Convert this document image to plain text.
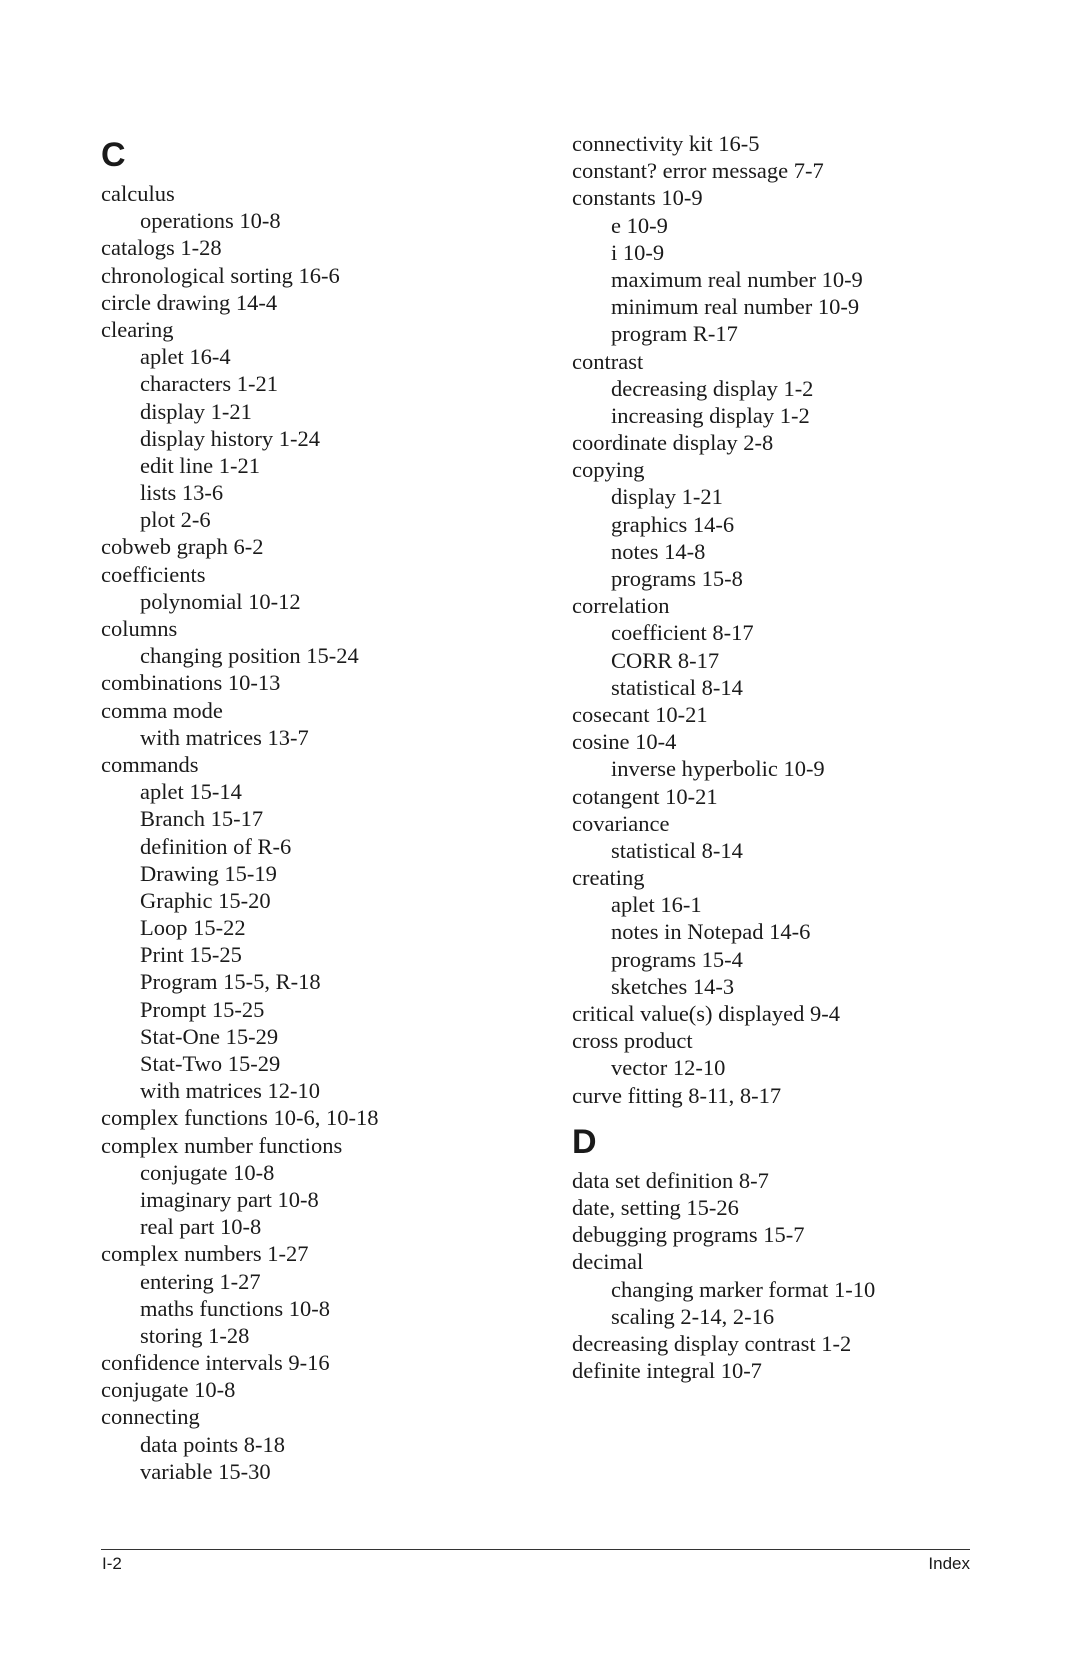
C
calculus
operations 10-8
catalogs 1-28
chronological sorting 16-6
circle drawing 14-4
clearing
aplet 16-4
characters 1-21
display 1-21
display history 1-24
edit line 1-21
lists 13-6
plot 2-6
cobweb graph 6-2
coefficients
polynomial 10-12
columns
changing position 15-24
combinations 10-13
comma mode
with matrices 13-7
commands
aplet 15-14
Branch 15-17
definition of R-6
Drawing 15-19
Graphic 15-20
Loop 15-22
Print 15-25
Program 15-5, R-18
Prompt 15-25
Stat-One 15-29
Stat-Two 15-29
with matrices 12-10
complex functions 10-6, 10-18
complex number functions
conjugate 10-8
imaginary part 10-8
real part 10-8
complex numbers 1-27
entering 1-27
maths functions 10-8
storing 1-28
confidence intervals 9-16
conjugate 10-8
connecting
data points 8-18
variable 15-30
connectivity kit 16-5
constant? error message 7-7
constants 10-9
e 10-9
i 10-9
maximum real number 10-9
minimum real number 10-9
program R-17
contrast
decreasing display 1-2
increasing display 1-2
coordinate display 2-8
copying
display 1-21
graphics 14-6
notes 14-8
programs 15-8
correlation
coefficient 8-17
CORR 8-17
statistical 8-14
cosecant 10-21
cosine 10-4
inverse hyperbolic 10-9
cotangent 10-21
covariance
statistical 8-14
creating
aplet 16-1
notes in Notepad 14-6
programs 15-4
sketches 14-3
critical value(s) displayed 9-4
cross product
vector 12-10
curve fitting 8-11, 8-17
D
data set definition 8-7
date, setting 15-26
debugging programs 15-7
decimal
changing marker format 1-10
scaling 2-14, 2-16
decreasing display contrast 1-2
definite integral 10-7
I-2	Index
